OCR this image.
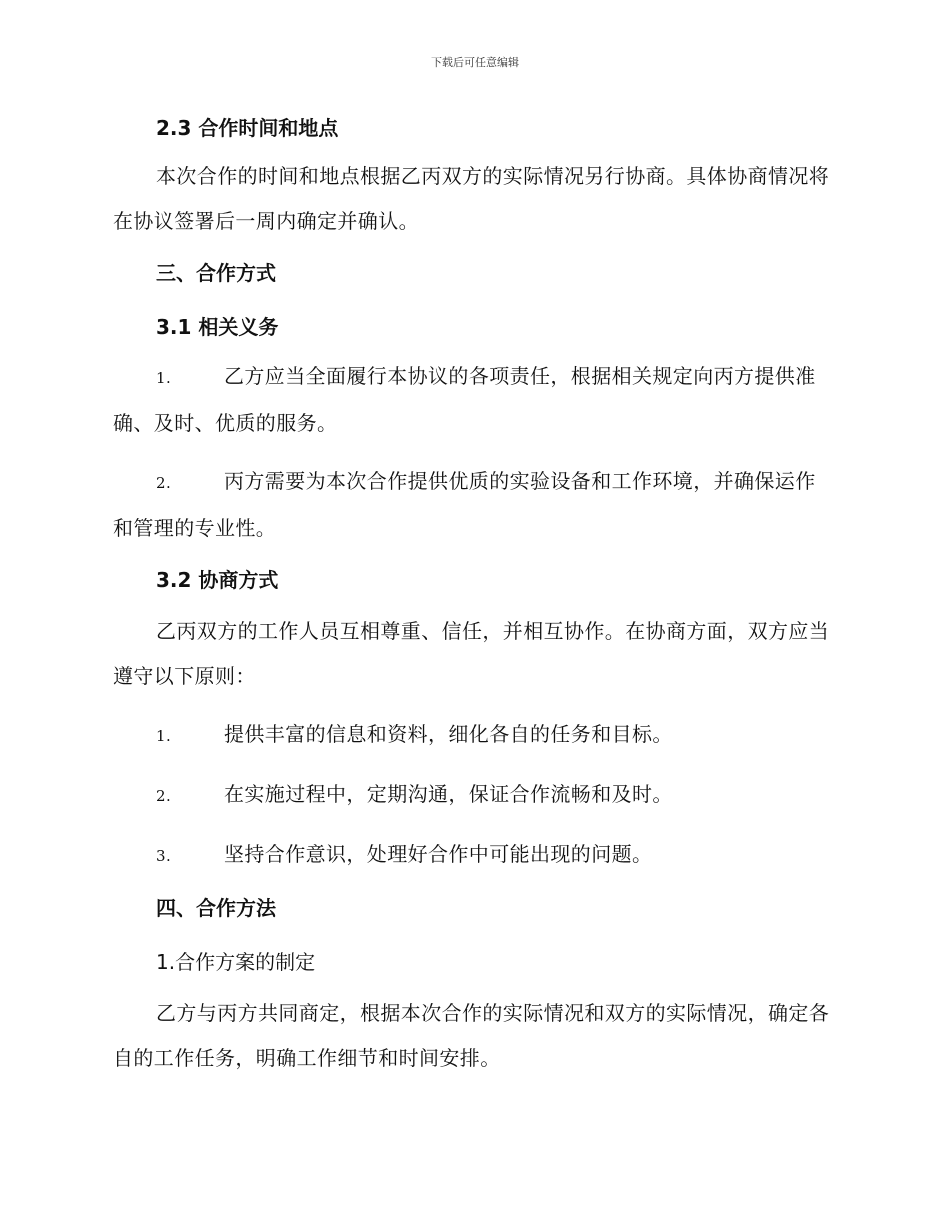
下载后可任意编辑

2.3 合作时间和地点

本次合作的时间和地点根据乙丙双方的实际情况另行协商。具体协商情况将在协议签署后一周内确定并确认。

三、合作方式

3.1 相关义务

1.	乙方应当全面履行本协议的各项责任，根据相关规定向丙方提供准确、及时、优质的服务。

2.	丙方需要为本次合作提供优质的实验设备和工作环境，并确保运作和管理的专业性。

3.2 协商方式

乙丙双方的工作人员互相尊重、信任，并相互协作。在协商方面，双方应当遵守以下原则：

1.	提供丰富的信息和资料，细化各自的任务和目标。

2.	在实施过程中，定期沟通，保证合作流畅和及时。

3.	坚持合作意识，处理好合作中可能出现的问题。

四、合作方法

1.合作方案的制定

乙方与丙方共同商定，根据本次合作的实际情况和双方的实际情况，确定各自的工作任务，明确工作细节和时间安排。
